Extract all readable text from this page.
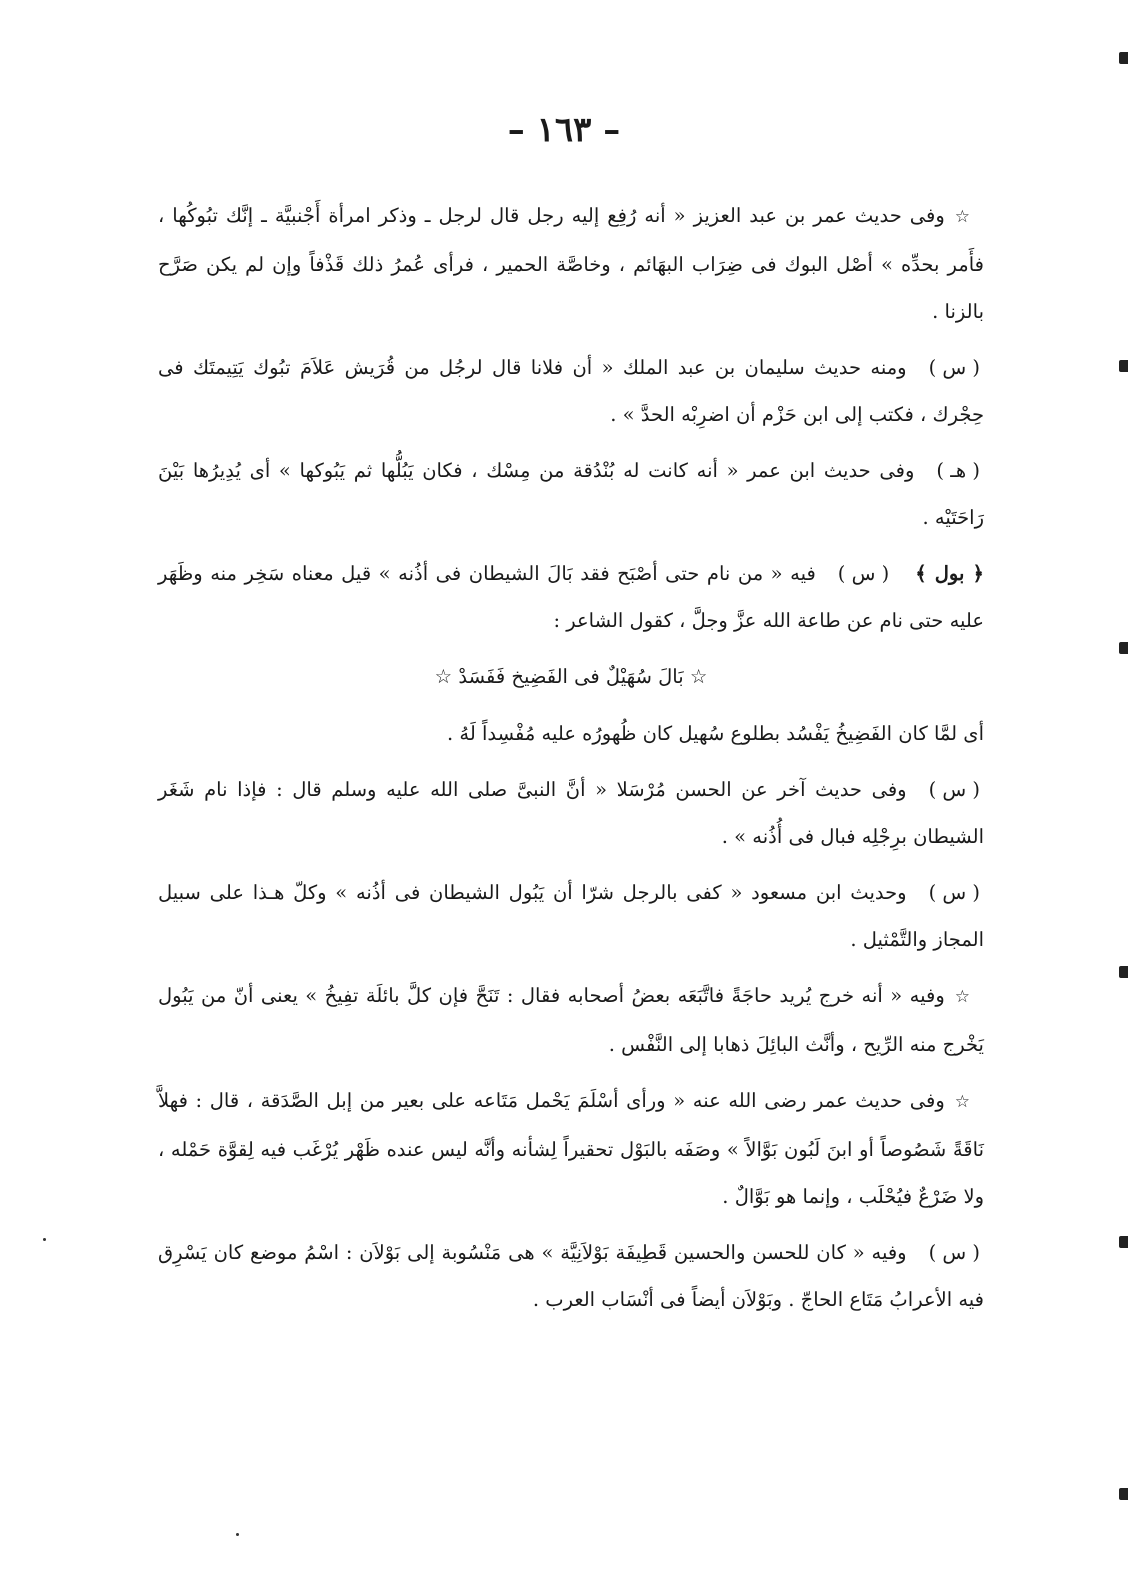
– ١٦٣ –

☆وفى حديث عمر بن عبد العزيز « أنه رُفِع إليه رجل قال لرجل ـ وذكر امرأة أَجْنبيَّة ـ إنَّك تبُوكُها ، فأَمر بحدِّه » أصْل البوك فى ضِرَاب البهَائم ، وخاصَّة الحمير ، فرأى عُمرُ ذلك قَذْفاً وإن لم يكن صَرَّح بالزنا .

( س )ومنه حديث سليمان بن عبد الملك « أن فلانا قال لرجُل من قُرَيش عَلاَمَ تبُوك يَتِيمتَك فى حِجْرك ، فكتب إلى ابن حَزْم أن اضرِبْه الحدَّ » .

( هـ )وفى حديث ابن عمر « أنه كانت له بُنْدُقة من مِسْك ، فكان يَبُلُّها ثم يَبُوكها » أى يُدِيرُها بَيْنَ رَاحَتَيْه .

﴿ بول ﴾( س )فيه « من نام حتى أصْبَح فقد بَالَ الشيطان فى أذُنه » قيل معناه سَخِر منه وظَهَر عليه حتى نام عن طاعة الله عزَّ وجلَّ ، كقول الشاعر :

☆ بَالَ سُهَيْلٌ فى الفَضِيخ فَفَسَدْ ☆

أى لمَّا كان الفَضِيخُ يَفْسُد بطلوع سُهيل كان ظُهورُه عليه مُفْسِداً لَهُ .

( س )وفى حديث آخر عن الحسن مُرْسَلا « أنَّ النبىَّ صلى الله عليه وسلم قال : فإذا نام شَغَر الشيطان برِجْلِه فبال فى أُذُنه » .

( س )وحديث ابن مسعود « كفى بالرجل شرّا أن يَبُول الشيطان فى أذُنه » وكلّ هـذا على سبيل المجاز والتَّمْثيل .

☆وفيه « أنه خرج يُريد حاجَةً فاتَّبَعَه بعضُ أصحابه فقال : تَنَحَّ فإن كلَّ بائلَة تفِيخُ » يعنى أنّ من يَبُول يَخْرج منه الرِّيح ، وأنَّث البائِلَ ذهابا إلى النَّفْس .

☆وفى حديث عمر رضى الله عنه « ورأى أسْلَمَ يَحْمل مَتَاعه على بعير من إبل الصَّدَقة ، قال : فهلاَّ نَاقَةً شَصُوصاً أو ابنَ لَبُون بَوَّالاً » وصَفَه بالبَوْل تحقيراً لِشأنه وأنَّه ليس عنده ظَهْر يُرْغَب فيه لِقوَّة حَمْله ، ولا ضَرْعٌ فيُحْلَب ، وإنما هو بَوَّالٌ .

( س )وفيه « كان للحسن والحسين قَطِيفَة بَوْلاَنِيَّة » هى مَنْسُوبة إلى بَوْلاَن : اسْمُ موضع كان يَسْرِق فيه الأعرابُ مَتَاع الحاجّ . وبَوْلاَن أيضاً فى أنْسَاب العرب .
